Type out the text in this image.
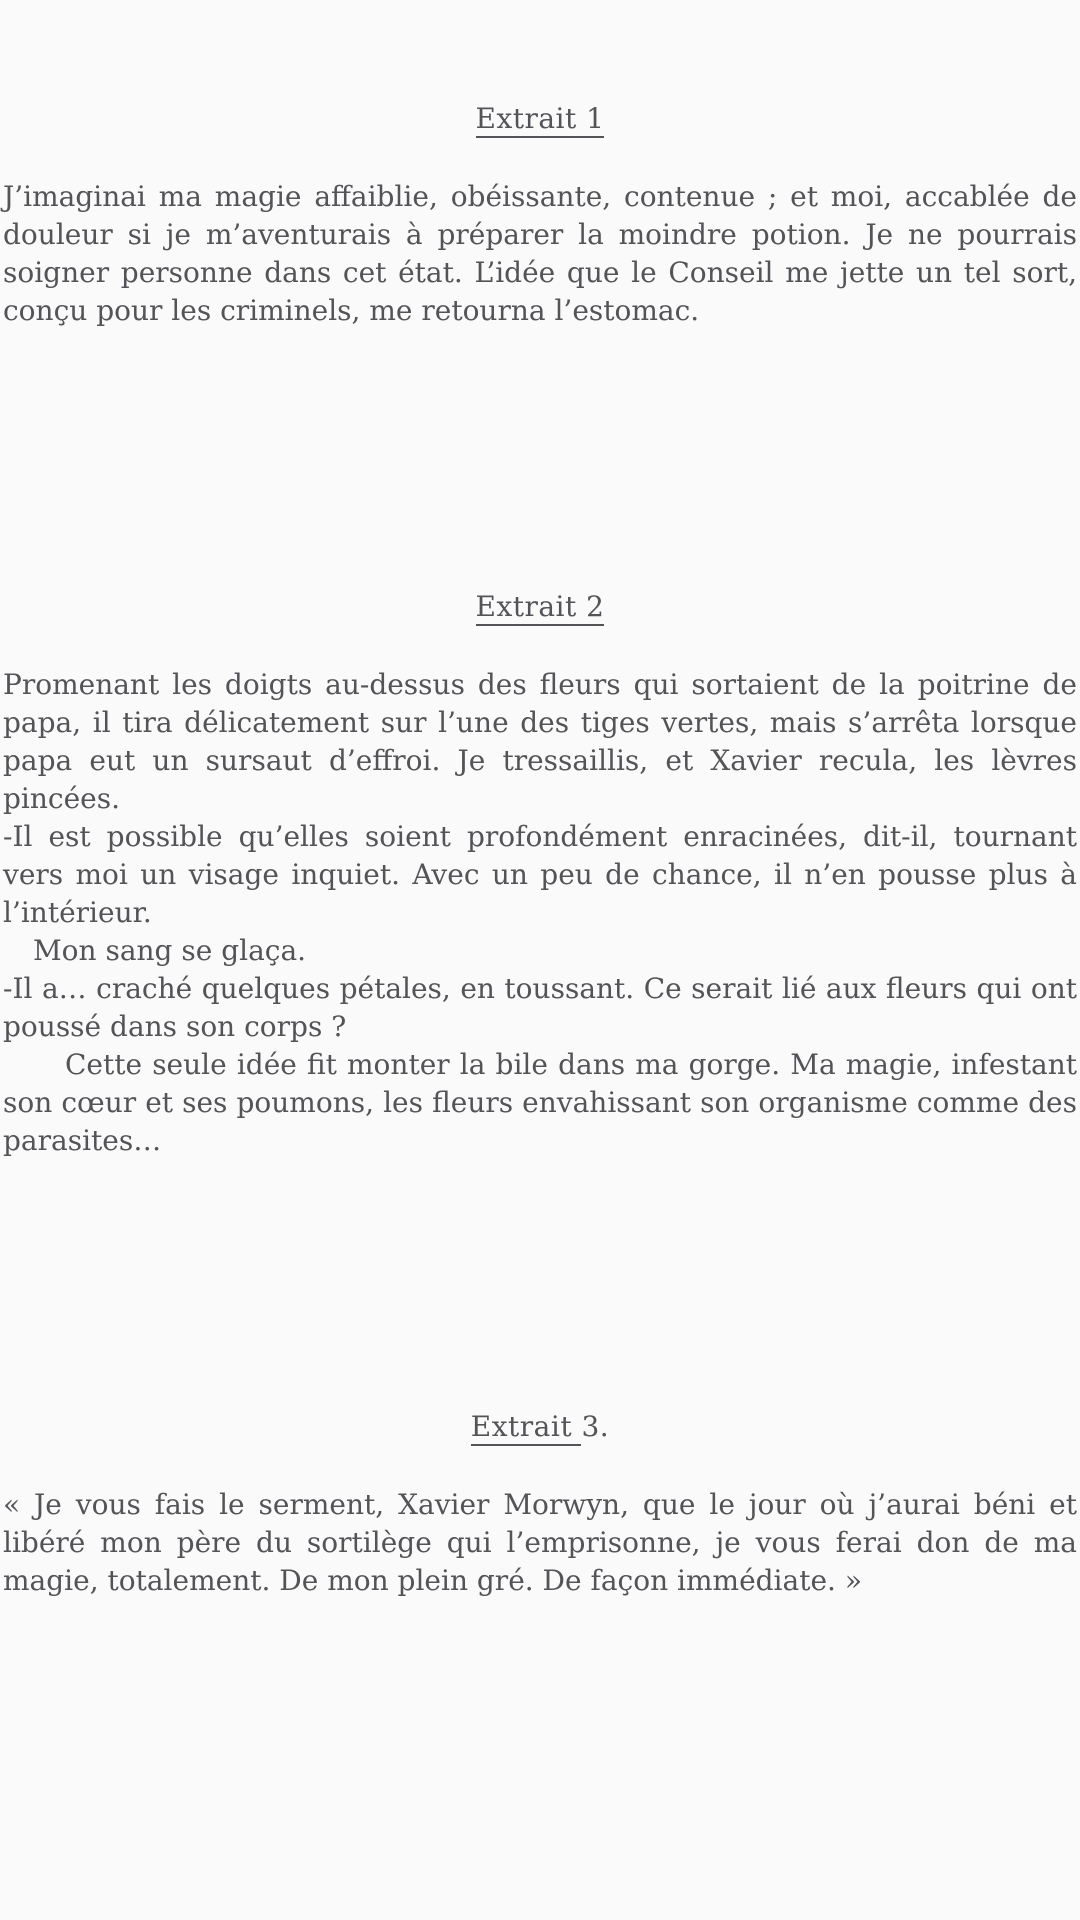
Extrait 1

J’imaginai ma magie affaiblie, obéissante, contenue ; et moi, accablée de douleur si je m’aventurais à préparer la moindre potion. Je ne pourrais soigner personne dans cet état. L’idée que le Conseil me jette un tel sort, conçu pour les criminels, me retourna l’estomac.

Extrait 2

Promenant les doigts au-dessus des fleurs qui sortaient de la poitrine de papa, il tira délicatement sur l’une des tiges vertes, mais s’arrêta lorsque papa eut un sursaut d’effroi. Je tressaillis, et Xavier recula, les lèvres pincées.

-Il est possible qu’elles soient profondément enracinées, dit-il, tournant vers moi un visage inquiet. Avec un peu de chance, il n’en pousse plus à l’intérieur.

Mon sang se glaça.

-Il a… craché quelques pétales, en toussant. Ce serait lié aux fleurs qui ont poussé dans son corps ?

Cette seule idée fit monter la bile dans ma gorge. Ma magie, infestant son cœur et ses poumons, les fleurs envahissant son organisme comme des parasites…

Extrait 3.

« Je vous fais le serment, Xavier Morwyn, que le jour où j’aurai béni et libéré mon père du sortilège qui l’emprisonne, je vous ferai don de ma magie, totalement. De mon plein gré. De façon immédiate. »
